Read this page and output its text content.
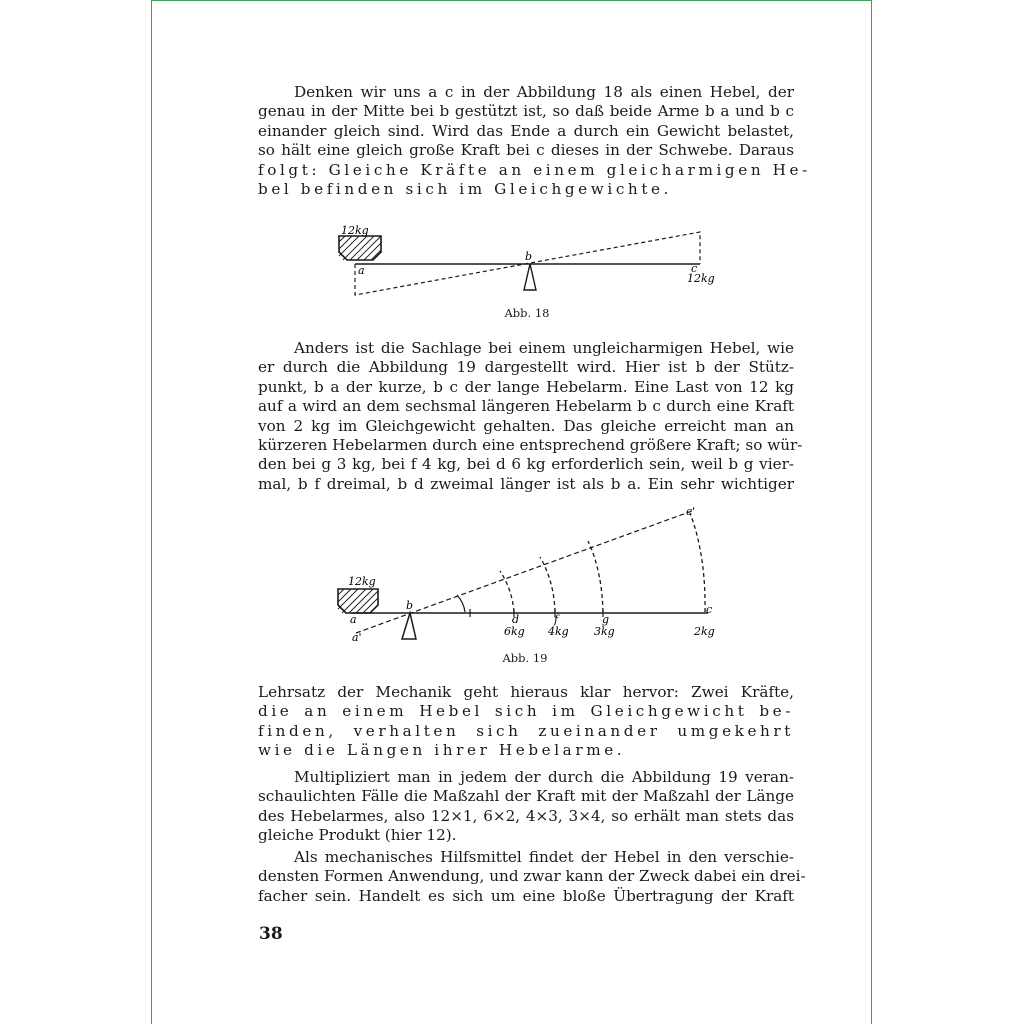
Denken wir uns a c in der Abbildung 18 als einen Hebel, der
genau in der Mitte bei b gestützt ist, so daß beide Arme b a und b c
einander gleich sind. Wird das Ende a durch ein Gewicht belastet,
so hält eine gleich große Kraft bei c dieses in der Schwebe. Daraus
folgt: Gleiche Kräfte an einem gleicharmigen He-
bel befinden sich im Gleichgewichte.
12kg
a
b
c
12kg
Abb. 18
Anders ist die Sachlage bei einem ungleicharmigen Hebel, wie
er durch die Abbildung 19 dargestellt wird. Hier ist b der Stütz-
punkt, b a der kurze, b c der lange Hebelarm. Eine Last von 12 kg
auf a wird an dem sechsmal längeren Hebelarm b c durch eine Kraft
von 2 kg im Gleichgewicht gehalten. Das gleiche erreicht man an
kürzeren Hebelarmen durch eine entsprechend größere Kraft; so wür-
den bei g 3 kg, bei f 4 kg, bei d 6 kg erforderlich sein, weil b g vier-
mal, b f dreimal, b d zweimal länger ist als b a. Ein sehr wichtiger
12kg
a
a'
b
d
6kg
f
4kg
g
3kg
c
2kg
c'
Abb. 19
Lehrsatz der Mechanik geht hieraus klar hervor: Zwei Kräfte,
die an einem Hebel sich im Gleichgewicht be-
finden, verhalten sich zueinander umgekehrt
wie die Längen ihrer Hebelarme.
Multipliziert man in jedem der durch die Abbildung 19 veran-
schaulichten Fälle die Maßzahl der Kraft mit der Maßzahl der Länge
des Hebelarmes, also 12×1, 6×2, 4×3, 3×4, so erhält man stets das
gleiche Produkt (hier 12).
Als mechanisches Hilfsmittel findet der Hebel in den verschie-
densten Formen Anwendung, und zwar kann der Zweck dabei ein drei-
facher sein. Handelt es sich um eine bloße Übertragung der Kraft
38
